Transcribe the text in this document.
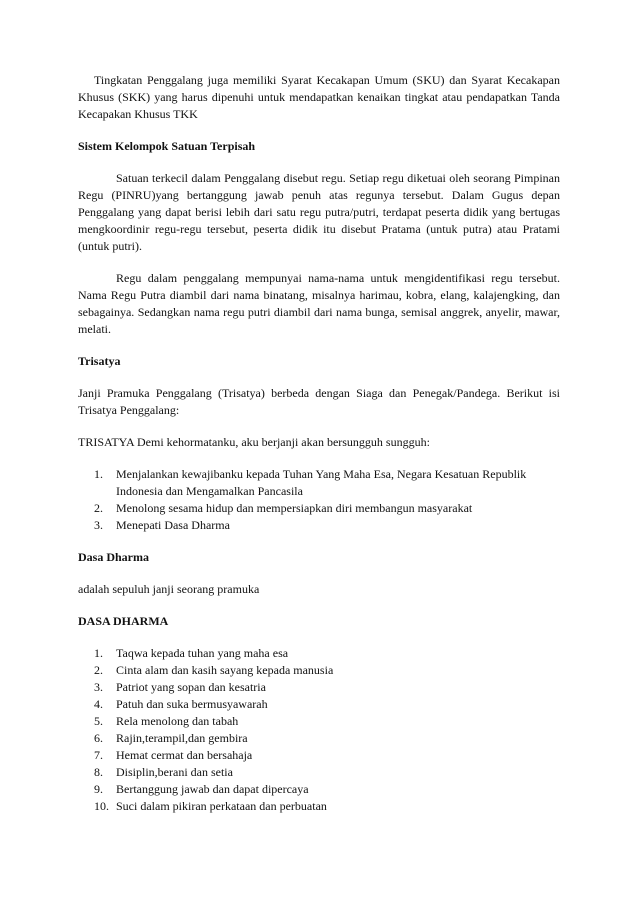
Tingkatan Penggalang juga memiliki Syarat Kecakapan Umum (SKU) dan Syarat Kecakapan Khusus (SKK) yang harus dipenuhi untuk mendapatkan kenaikan tingkat atau pendapatkan Tanda Kecapakan Khusus TKK

Sistem Kelompok Satuan Terpisah

Satuan terkecil dalam Penggalang disebut regu. Setiap regu diketuai oleh seorang Pimpinan Regu (PINRU)yang bertanggung jawab penuh atas regunya tersebut. Dalam Gugus depan Penggalang yang dapat berisi lebih dari satu regu putra/putri, terdapat peserta didik yang bertugas mengkoordinir regu-regu tersebut, peserta didik itu disebut Pratama (untuk putra) atau Pratami (untuk putri).

Regu dalam penggalang mempunyai nama-nama untuk mengidentifikasi regu tersebut. Nama Regu Putra diambil dari nama binatang, misalnya harimau, kobra, elang, kalajengking, dan sebagainya. Sedangkan nama regu putri diambil dari nama bunga, semisal anggrek, anyelir, mawar, melati.

Trisatya

Janji Pramuka Penggalang (Trisatya) berbeda dengan Siaga dan Penegak/Pandega. Berikut isi Trisatya Penggalang:

TRISATYA Demi kehormatanku, aku berjanji akan bersungguh sungguh:

1. Menjalankan kewajibanku kepada Tuhan Yang Maha Esa, Negara Kesatuan Republik Indonesia dan Mengamalkan Pancasila
2. Menolong sesama hidup dan mempersiapkan diri membangun masyarakat
3. Menepati Dasa Dharma

Dasa Dharma

adalah sepuluh janji seorang pramuka

DASA DHARMA

1. Taqwa kepada tuhan yang maha esa
2. Cinta alam dan kasih sayang kepada manusia
3. Patriot yang sopan dan kesatria
4. Patuh dan suka bermusyawarah
5. Rela menolong dan tabah
6. Rajin,terampil,dan gembira
7. Hemat cermat dan bersahaja
8. Disiplin,berani dan setia
9. Bertanggung jawab dan dapat dipercaya
10. Suci dalam pikiran perkataan dan perbuatan
